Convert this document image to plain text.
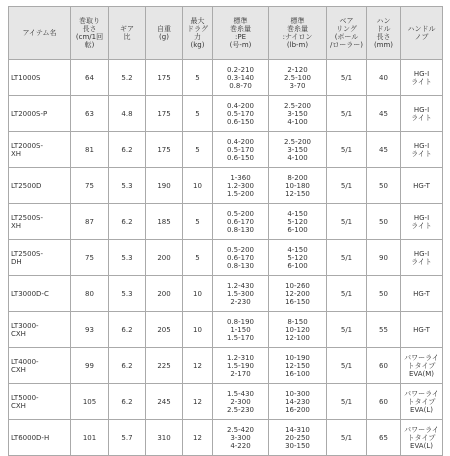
アイテム名	巻取り
長さ
(cm/1回
転)	ギア
比	自重
(g)	最大
ドラグ
力
(kg)	標準
巻糸量
:PE
(号-m)	標準
巻糸量
:ナイロン
(lb-m)	ベア
リング
(ボール
/ローラー)	ハン
ドル
長さ
(mm)	ハンドル
ノブ
LT1000S	64	5.2	175	5	0.2-210
0.3-140
0.8-70	2-120
2.5-100
3-70	5/1	40	HG-I
ライト
LT2000S-P	63	4.8	175	5	0.4-200
0.5-170
0.6-150	2.5-200
3-150
4-100	5/1	45	HG-I
ライト
LT2000S-
XH	81	6.2	175	5	0.4-200
0.5-170
0.6-150	2.5-200
3-150
4-100	5/1	45	HG-I
ライト
LT2500D	75	5.3	190	10	1-360
1.2-300
1.5-200	8-200
10-180
12-150	5/1	50	HG-T
LT2500S-
XH	87	6.2	185	5	0.5-200
0.6-170
0.8-130	4-150
5-120
6-100	5/1	50	HG-I
ライト
LT2500S-
DH	75	5.3	200	5	0.5-200
0.6-170
0.8-130	4-150
5-120
6-100	5/1	90	HG-I
ライト
LT3000D-C	80	5.3	200	10	1.2-430
1.5-300
2-230	10-260
12-200
16-150	5/1	50	HG-T
LT3000-
CXH	93	6.2	205	10	0.8-190
1-150
1.5-170	8-150
10-120
12-100	5/1	55	HG-T
LT4000-
CXH	99	6.2	225	12	1.2-310
1.5-190
2-170	10-190
12-150
16-100	5/1	60	パワーライ
トタイプ
EVA(M)
LT5000-
CXH	105	6.2	245	12	1.5-430
2-300
2.5-230	10-300
14-230
16-200	5/1	60	パワーライ
トタイプ
EVA(L)
LT6000D-H	101	5.7	310	12	2.5-420
3-300
4-220	14-310
20-250
30-150	5/1	65	パワーライ
トタイプ
EVA(L)
